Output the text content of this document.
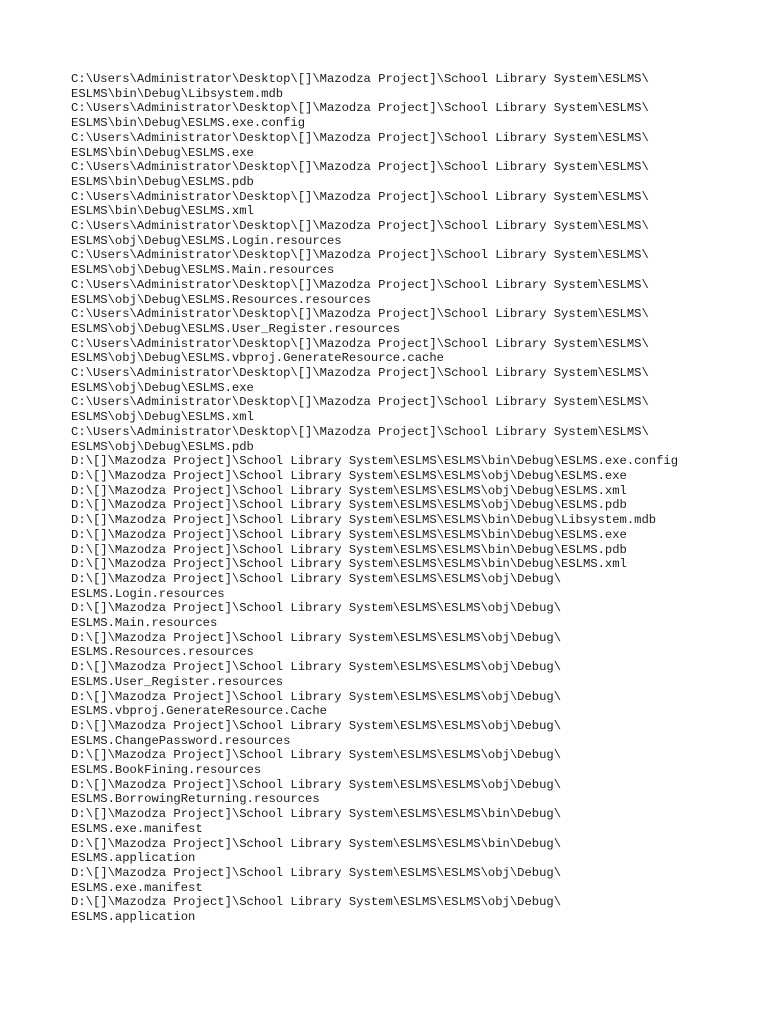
C:\Users\Administrator\Desktop\[]\Mazodza Project]\School Library System\ESLMS\
ESLMS\bin\Debug\Libsystem.mdb
C:\Users\Administrator\Desktop\[]\Mazodza Project]\School Library System\ESLMS\
ESLMS\bin\Debug\ESLMS.exe.config
C:\Users\Administrator\Desktop\[]\Mazodza Project]\School Library System\ESLMS\
ESLMS\bin\Debug\ESLMS.exe
C:\Users\Administrator\Desktop\[]\Mazodza Project]\School Library System\ESLMS\
ESLMS\bin\Debug\ESLMS.pdb
C:\Users\Administrator\Desktop\[]\Mazodza Project]\School Library System\ESLMS\
ESLMS\bin\Debug\ESLMS.xml
C:\Users\Administrator\Desktop\[]\Mazodza Project]\School Library System\ESLMS\
ESLMS\obj\Debug\ESLMS.Login.resources
C:\Users\Administrator\Desktop\[]\Mazodza Project]\School Library System\ESLMS\
ESLMS\obj\Debug\ESLMS.Main.resources
C:\Users\Administrator\Desktop\[]\Mazodza Project]\School Library System\ESLMS\
ESLMS\obj\Debug\ESLMS.Resources.resources
C:\Users\Administrator\Desktop\[]\Mazodza Project]\School Library System\ESLMS\
ESLMS\obj\Debug\ESLMS.User_Register.resources
C:\Users\Administrator\Desktop\[]\Mazodza Project]\School Library System\ESLMS\
ESLMS\obj\Debug\ESLMS.vbproj.GenerateResource.cache
C:\Users\Administrator\Desktop\[]\Mazodza Project]\School Library System\ESLMS\
ESLMS\obj\Debug\ESLMS.exe
C:\Users\Administrator\Desktop\[]\Mazodza Project]\School Library System\ESLMS\
ESLMS\obj\Debug\ESLMS.xml
C:\Users\Administrator\Desktop\[]\Mazodza Project]\School Library System\ESLMS\
ESLMS\obj\Debug\ESLMS.pdb
D:\[]\Mazodza Project]\School Library System\ESLMS\ESLMS\bin\Debug\ESLMS.exe.config
D:\[]\Mazodza Project]\School Library System\ESLMS\ESLMS\obj\Debug\ESLMS.exe
D:\[]\Mazodza Project]\School Library System\ESLMS\ESLMS\obj\Debug\ESLMS.xml
D:\[]\Mazodza Project]\School Library System\ESLMS\ESLMS\obj\Debug\ESLMS.pdb
D:\[]\Mazodza Project]\School Library System\ESLMS\ESLMS\bin\Debug\Libsystem.mdb
D:\[]\Mazodza Project]\School Library System\ESLMS\ESLMS\bin\Debug\ESLMS.exe
D:\[]\Mazodza Project]\School Library System\ESLMS\ESLMS\bin\Debug\ESLMS.pdb
D:\[]\Mazodza Project]\School Library System\ESLMS\ESLMS\bin\Debug\ESLMS.xml
D:\[]\Mazodza Project]\School Library System\ESLMS\ESLMS\obj\Debug\
ESLMS.Login.resources
D:\[]\Mazodza Project]\School Library System\ESLMS\ESLMS\obj\Debug\
ESLMS.Main.resources
D:\[]\Mazodza Project]\School Library System\ESLMS\ESLMS\obj\Debug\
ESLMS.Resources.resources
D:\[]\Mazodza Project]\School Library System\ESLMS\ESLMS\obj\Debug\
ESLMS.User_Register.resources
D:\[]\Mazodza Project]\School Library System\ESLMS\ESLMS\obj\Debug\
ESLMS.vbproj.GenerateResource.Cache
D:\[]\Mazodza Project]\School Library System\ESLMS\ESLMS\obj\Debug\
ESLMS.ChangePassword.resources
D:\[]\Mazodza Project]\School Library System\ESLMS\ESLMS\obj\Debug\
ESLMS.BookFining.resources
D:\[]\Mazodza Project]\School Library System\ESLMS\ESLMS\obj\Debug\
ESLMS.BorrowingReturning.resources
D:\[]\Mazodza Project]\School Library System\ESLMS\ESLMS\bin\Debug\
ESLMS.exe.manifest
D:\[]\Mazodza Project]\School Library System\ESLMS\ESLMS\bin\Debug\
ESLMS.application
D:\[]\Mazodza Project]\School Library System\ESLMS\ESLMS\obj\Debug\
ESLMS.exe.manifest
D:\[]\Mazodza Project]\School Library System\ESLMS\ESLMS\obj\Debug\
ESLMS.application
